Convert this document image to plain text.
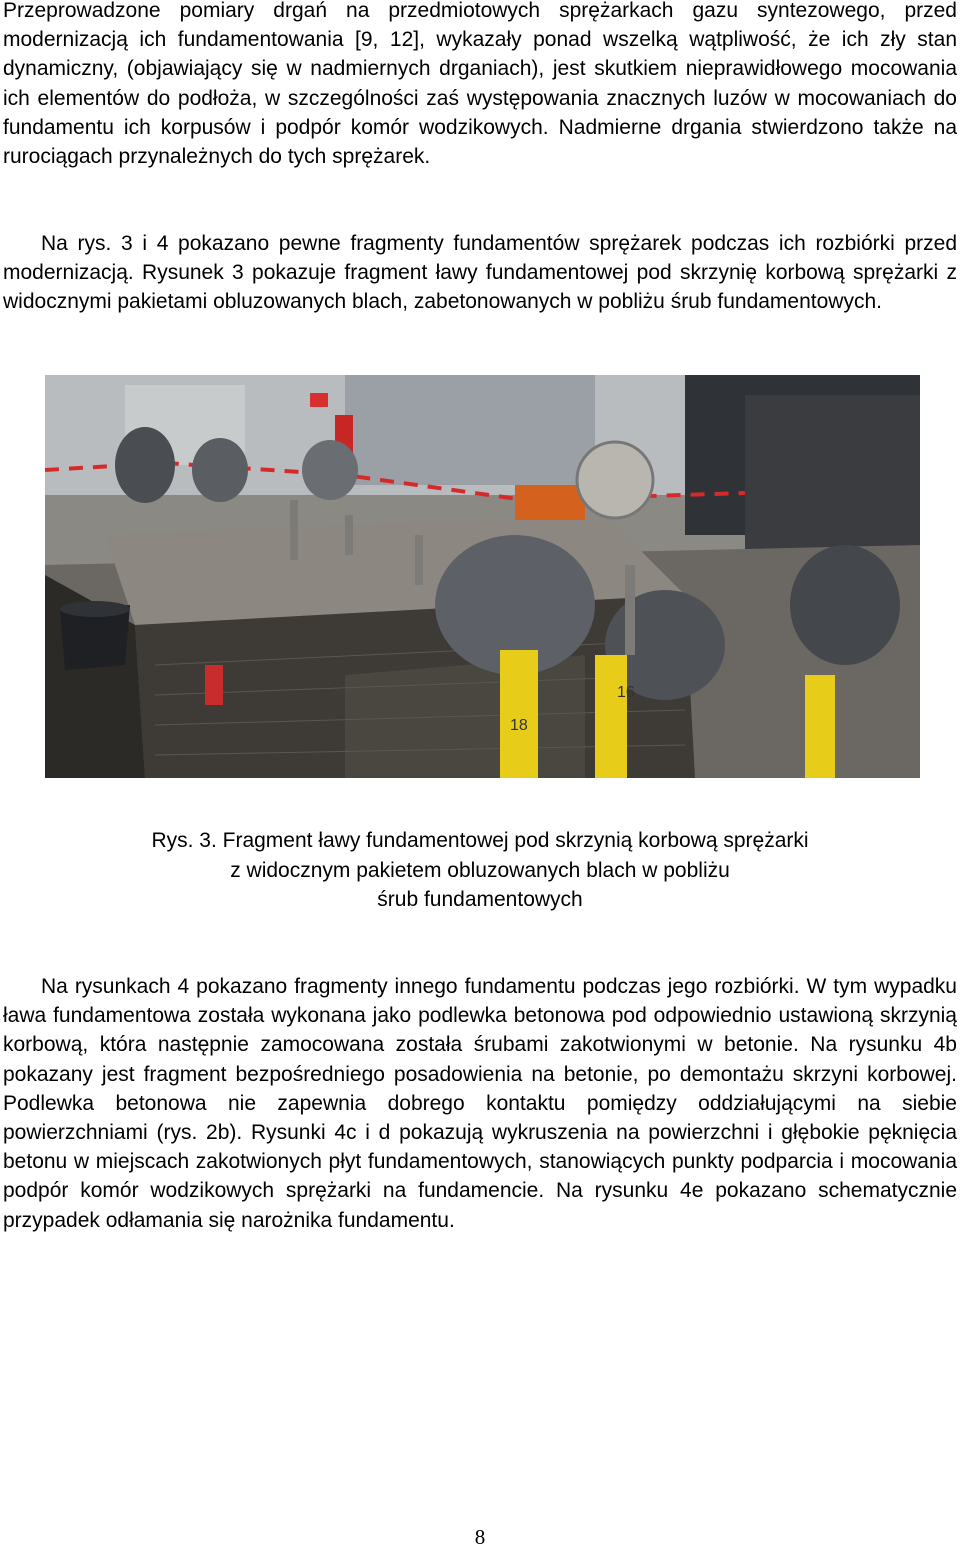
Przeprowadzone pomiary drgań na przedmiotowych sprężarkach gazu syntezowego, przed modernizacją ich fundamentowania [9, 12], wykazały ponad wszelką wątpliwość, że ich zły stan dynamiczny, (objawiający się w nadmiernych drganiach), jest skutkiem nieprawidłowego mocowania ich elementów do podłoża, w szczególności zaś występowania znacznych luzów w mocowaniach do fundamentu ich korpusów i podpór komór wodzikowych. Nadmierne drgania stwierdzono także na rurociągach przynależnych do tych sprężarek.

Na rys. 3 i 4 pokazano pewne fragmenty fundamentów sprężarek podczas ich rozbiórki przed modernizacją. Rysunek 3 pokazuje fragment ławy fundamentowej pod skrzynię korbową sprężarki z widocznymi pakietami obluzowanych blach, zabetonowanych w pobliżu śrub fundamentowych.

16
18
Rys. 3. Fragment ławy fundamentowej pod skrzynią korbową sprężarki
z widocznym pakietem obluzowanych blach w pobliżu
śrub fundamentowych

Na rysunkach 4 pokazano fragmenty innego fundamentu podczas jego rozbiórki. W tym wypadku ława fundamentowa została wykonana jako podlewka betonowa pod odpowiednio ustawioną skrzynią korbową, która następnie zamocowana została śrubami zakotwionymi w betonie. Na rysunku 4b pokazany jest fragment bezpośredniego posadowienia na betonie, po demontażu skrzyni korbowej. Podlewka betonowa nie zapewnia dobrego kontaktu pomiędzy oddziałującymi na siebie powierzchniami (rys. 2b). Rysunki 4c i d pokazują wykruszenia na powierzchni i głębokie pęknięcia betonu w miejscach zakotwionych płyt fundamentowych, stanowiących punkty podparcia i mocowania podpór komór wodzikowych sprężarki na fundamencie. Na rysunku 4e pokazano schematycznie przypadek odłamania się narożnika fundamentu.

8
